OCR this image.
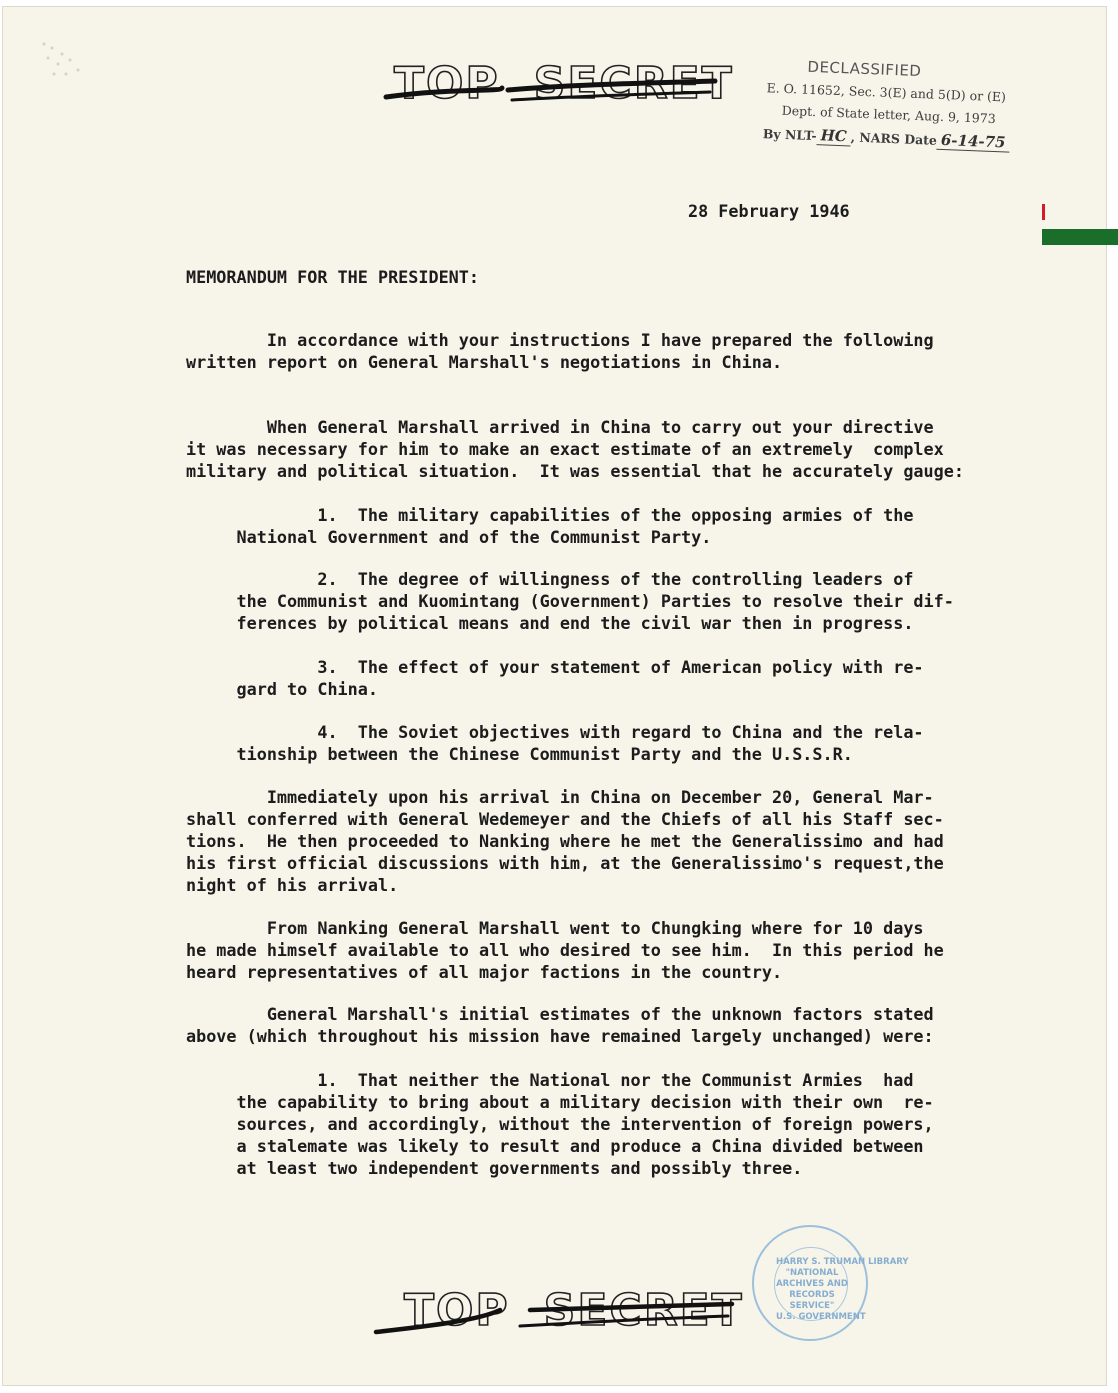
TOP SECRET	DECLASSIFIED
E. O. 11652, Sec. 3(E) and 5(D) or (E)
Dept. of State letter, Aug. 9, 1973
By NLT- HC , NARS Date 6-14-75
28 February 1946
MEMORANDUM FOR THE PRESIDENT:
In accordance with your instructions I have prepared the following
written report on General Marshall's negotiations in China.
When General Marshall arrived in China to carry out your directive
it was necessary for him to make an exact estimate of an extremely  complex
military and political situation.  It was essential that he accurately gauge:
1.  The military capabilities of the opposing armies of the
National Government and of the Communist Party.
2.  The degree of willingness of the controlling leaders of
the Communist and Kuomintang (Government) Parties to resolve their dif-
ferences by political means and end the civil war then in progress.
3.  The effect of your statement of American policy with re-
gard to China.
4.  The Soviet objectives with regard to China and the rela-
tionship between the Chinese Communist Party and the U.S.S.R.
Immediately upon his arrival in China on December 20, General Mar-
shall conferred with General Wedemeyer and the Chiefs of all his Staff sec-
tions.  He then proceeded to Nanking where he met the Generalissimo and had
his first official discussions with him, at the Generalissimo's request,the
night of his arrival.
From Nanking General Marshall went to Chungking where for 10 days
he made himself available to all who desired to see him.  In this period he
heard representatives of all major factions in the country.
General Marshall's initial estimates of the unknown factors stated
above (which throughout his mission have remained largely unchanged) were:
1.  That neither the National nor the Communist Armies  had
the capability to bring about a military decision with their own  re-
sources, and accordingly, without the intervention of foreign powers,
a stalemate was likely to result and produce a China divided between
at least two independent governments and possibly three.
HARRY S. TRUMAN
"NATIONAL
ARCHIVES AND
RECORDS
SERVICE"
U.S. GOVERNMENT
TOP SECRET
